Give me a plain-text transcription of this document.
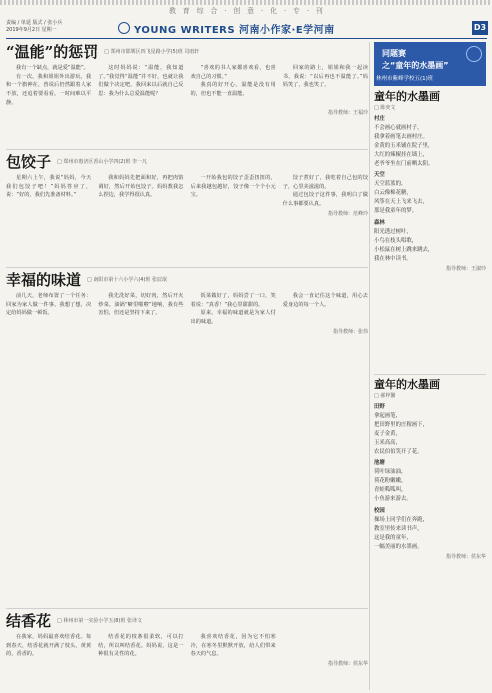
教 育 综 合 · 创 意 · 化 · 专 · 刊
责编 / 单延 版式 / 张小兵
2019年9月2日 星期一	YOUNG WRITERS 河南小作家·E学河南	D3
“温能”的惩罚	□ 郑州市邯郸区四飞星路小学(5)班 司雨轩

我有一个缺点，就是爱“温能”。

有一次，我和姐姐外出游玩，我和一个旗神在，兽说后仍然跟着人家不放，还追着要看看。一时间难以平静。

这时妈妈说：“温能，我知道了。”我觉得“温能”并不好，也就让我们做个决定吧。我回来以后就自己反思：我为什么总爱温能呢？

“喜欢的书人家都喜欢看，也喜欢自己的习惯。”

我真的好开心。温能是没有用的，但也不能一直温能。

回家的路上，姐姐和我一起读书，我说：“以后再也不温能了。”妈妈笑了，我也笑了。

指导教师：王福玲
包饺子	□ 郑州市惠济区香山小学四(2)班 李一凡

星期六上午，我说“妈妈，今天我们包饺子吧！”妈妈答应了，说：“好的，我们先准备材料。”

我和妈妈先把面和好，再把肉馅调好，然后开始包饺子。妈妈教我怎么捏边，我学得很认真。

一开始我包的饺子歪歪扭扭的，后来我越包越好，饺子像一个个小元宝。

饺子煮好了，我吃着自己包的饺子，心里美滋滋的。

通过包饺子这件事，我明白了做什么事都要认真。

指导教师：范峰玲
幸福的味道	□ 南阳市第十六小学六(4)班 张辰珉

前几天，老师布置了一个任务：回家为家人做一件事。我想了想，决定给妈妈做一顿饭。

我先洗好菜，切好肉，然后开火炒菜。油锅“噼里啪啦”地响，我有些害怕，但还是坚持下来了。

饭菜做好了，妈妈尝了一口，笑着说：“真香！”我心里甜甜的。

原来，幸福的味道就是为家人付出的味道。

我会一直记住这个味道，用心去爱身边的每一个人。

指导教师：张伟
结香花	□ 林州市第一实验小学五(8)班 张译文

在我家，妈妈最喜欢结香花。每到春天，结香花就开满了枝头，黄黄的，香香的。

结香花的枝条很柔软，可以打结，所以叫结香花。妈妈说，这是一种很有灵性的花。

我喜欢结香花，因为它不怕寒冷，在寒冬里默默开放，给人们带来春天的气息。

指导教师：侯东华
同题赛
之“童年的水墨画”
林州市紫峰学校五(1)班
童年的水墨画
□ 陈奕文
村庄
不会画心就画村子，
我拿着画笔去画村庄。
金黄的玉米铺在院子里，
大红的辣椒挂在墙上，
老爷爷坐在门前晒太阳。
天空
天空蓝蓝的，
白云像棉花糖，
风筝在天上飞来飞去，
那是我童年的梦。
森林
阳光透过树叶，
小鸟在枝头唱歌，
小松鼠在树上跳来跳去，
我在林中读书。
指导教师：王淑玲
童年的水墨画
□ 郝梓馨
田野
拿起画笔，
把田野里的庄稼画下，
麦子金黄，
玉米高高，
农民伯伯笑开了花。
池塘
荷叶绿油油，
荷花粉嫩嫩，
青蛙呱呱叫，
小鱼游来游去。
校园
操场上同学们在奔跑，
教室里传来读书声，
这是我的童年，
一幅美丽的水墨画。
指导教师：侯东华
